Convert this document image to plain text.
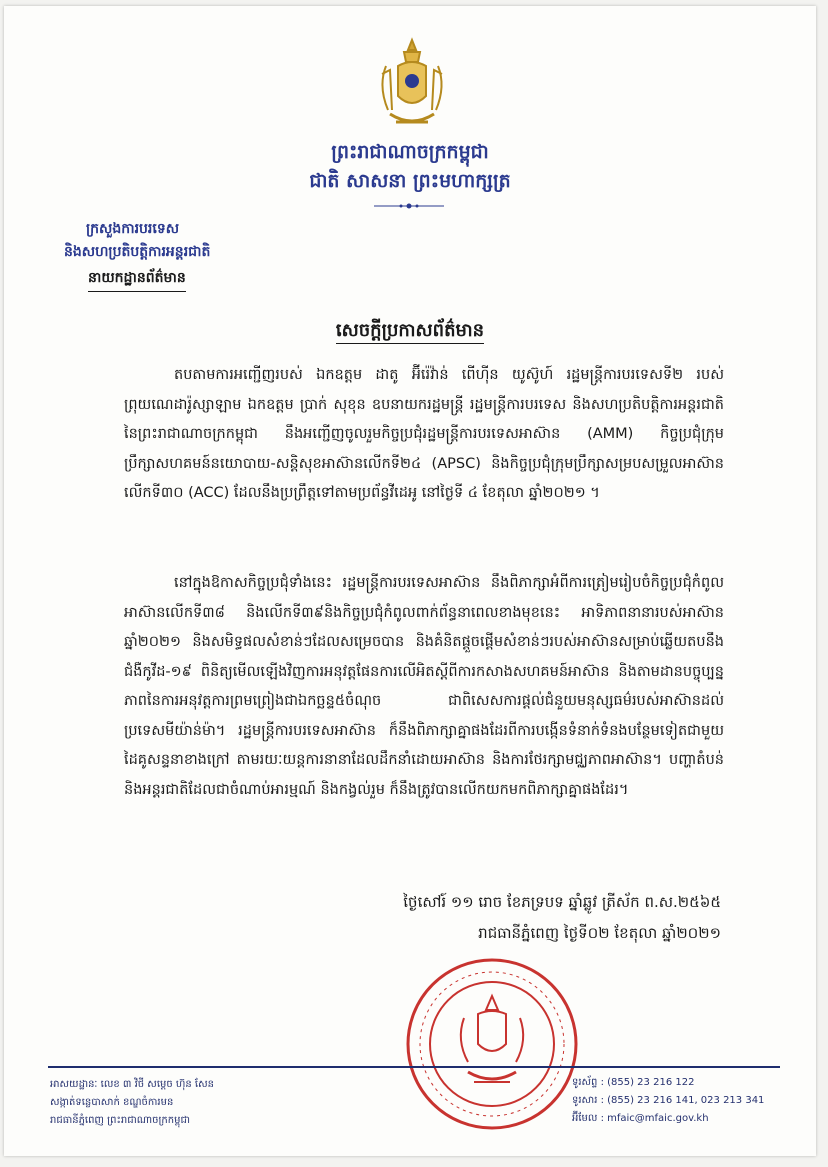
ព្រះរាជាណាចក្រកម្ពុជា
ជាតិ សាសនា ព្រះមហាក្សត្រ
ក្រសួងការបរទេស
និងសហប្រតិបត្តិការអន្តរជាតិ
នាយកដ្ឋានព័ត៌មាន
សេចក្តីប្រកាសព័ត៌មាន
តបតាមការអញ្ជើញរបស់ ឯកឧត្តម ដាតូ អ៊ីរ៉េវ៉ាន់ ពើហ៊ីន យូស៊ូហ៍ រដ្ឋមន្ត្រីការបរទេសទី២ របស់ព្រុយណេដារ៉ូស្សាឡាម ឯកឧត្តម ប្រាក់ សុខុន ឧបនាយករដ្ឋមន្ត្រី រដ្ឋមន្ត្រីការបរទេស និងសហប្រតិបត្តិការអន្តរជាតិនៃព្រះរាជាណាចក្រកម្ពុជា នឹងអញ្ជើញចូលរួមកិច្ចប្រជុំរដ្ឋមន្ត្រីការបរទេសអាស៊ាន (AMM) កិច្ចប្រជុំក្រុមប្រឹក្សាសហគមន៍នយោបាយ-សន្តិសុខអាស៊ានលើកទី២៤ (APSC) និងកិច្ចប្រជុំក្រុមប្រឹក្សាសម្របសម្រួលអាស៊ានលើកទី៣០ (ACC) ដែលនឹងប្រព្រឹត្តទៅតាមប្រព័ន្ធវីដេអូ នៅថ្ងៃទី ៤ ខែតុលា ឆ្នាំ២០២១ ។
នៅក្នុងឱកាសកិច្ចប្រជុំទាំងនេះ រដ្ឋមន្ត្រីការបរទេសអាស៊ាន នឹងពិភាក្សាអំពីការត្រៀមរៀបចំកិច្ចប្រជុំកំពូលអាស៊ានលើកទី៣៨ និងលើកទី៣៩និងកិច្ចប្រជុំកំពូលពាក់ព័ន្ធនាពេលខាងមុខនេះ អាទិភាពនានារបស់អាស៊ានឆ្នាំ២០២១ និងសមិទ្ធផលសំខាន់ៗដែលសម្រេចបាន និងគំនិតផ្តួចផ្តើមសំខាន់ៗរបស់អាស៊ានសម្រាប់ឆ្លើយតបនឹងជំងឺកូវីដ-១៩ ពិនិត្យមើលឡើងវិញការអនុវត្តផែនការលើអិតស្តីពីការកសាងសហគមន៍អាស៊ាន និងតាមដានបច្ចុប្បន្នភាពនៃការអនុវត្តការព្រមព្រៀងជាឯកច្ឆន្ទ៥ចំណុច ជាពិសេសការផ្តល់ជំនួយមនុស្សធម៌របស់អាស៊ានដល់ប្រទេសមីយ៉ាន់ម៉ា។ រដ្ឋមន្ត្រីការបរទេសអាស៊ាន ក៏នឹងពិភាក្សាគ្នាផងដែរពីការបង្កើនទំនាក់ទំនងបន្ថែមទៀតជាមួយដៃគូសន្ទនាខាងក្រៅ តាមរយៈយន្តការនានាដែលដឹកនាំដោយអាស៊ាន និងការថែរក្សាមជ្ឈភាពអាស៊ាន។ បញ្ហាតំបន់ និងអន្តរជាតិដែលជាចំណាប់អារម្មណ៍ និងកង្វល់រួម ក៏នឹងត្រូវបានលើកយកមកពិភាក្សាគ្នាផងដែរ។
ថ្ងៃសៅរ៍ ១១ រោច ខែភទ្របទ ឆ្នាំឆ្លូវ ត្រីស័ក ព.ស.២៥៦៥
រាជធានីភ្នំពេញ ថ្ងៃទី០២ ខែតុលា ឆ្នាំ២០២១
អាសយដ្ឋានៈ លេខ ៣ វិថី សម្តេច ហ៊ុន សែន
សង្កាត់ទន្លេបាសាក់ ខណ្ឌចំការមន
រាជធានីភ្នំពេញ ព្រះរាជាណាចក្រកម្ពុជា
ទូរស័ព្ទ : (855) 23 216 122
ទូរសារ : (855) 23 216 141, 023 213 341
អ៊ីមែល : mfaic@mfaic.gov.kh
